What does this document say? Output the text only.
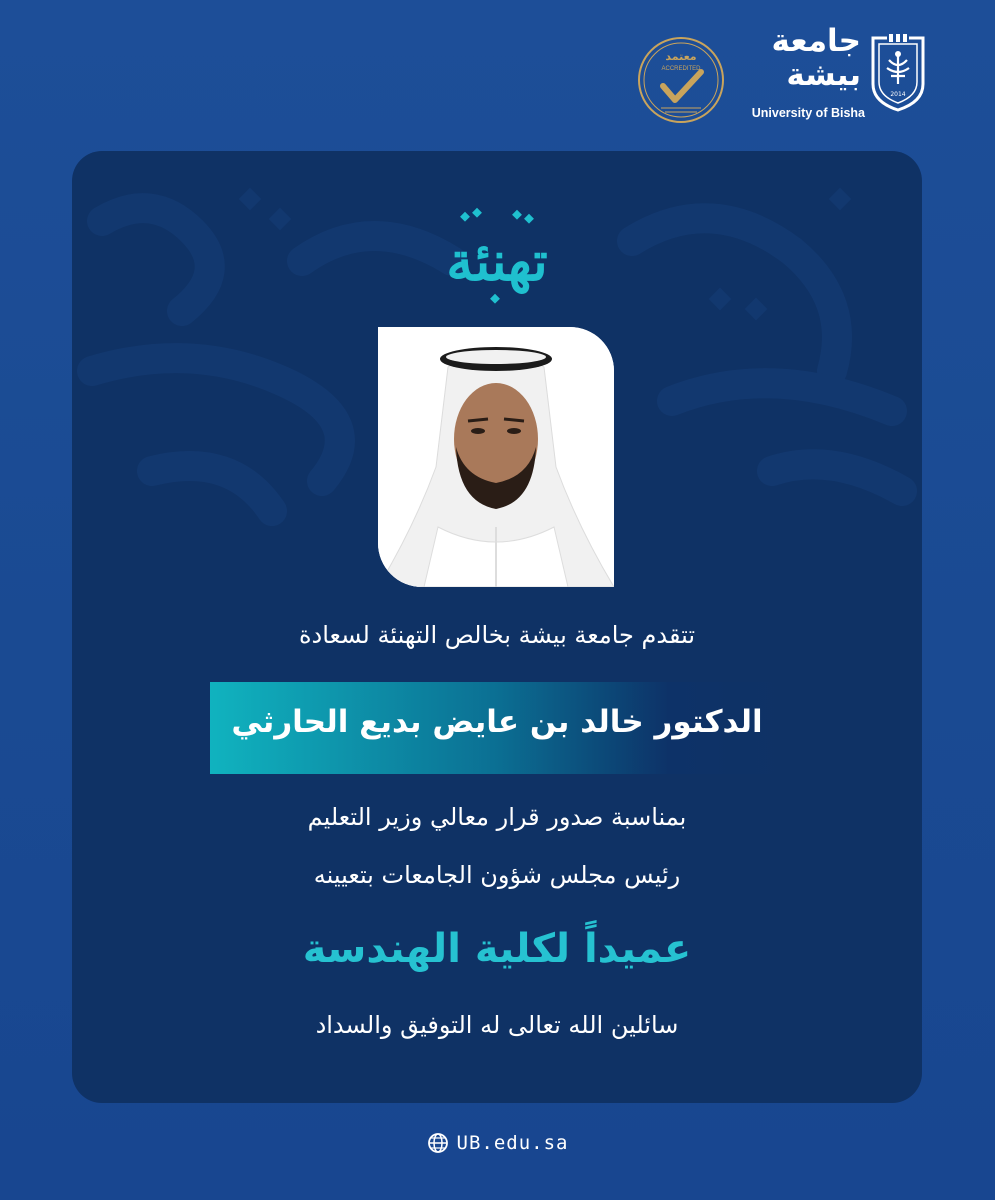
2014
جامعة بيشة
University of Bisha
معتمد
ACCREDITED
تهنئة
تتقدم جامعة بيشة بخالص التهنئة لسعادة
الدكتور خالد بن عايض بديع الحارثي
بمناسبة صدور قرار معالي وزير التعليم
رئيس مجلس شؤون الجامعات بتعيينه
عميداً لكلية الهندسة
سائلين الله تعالى له التوفيق والسداد
UB.edu.sa
